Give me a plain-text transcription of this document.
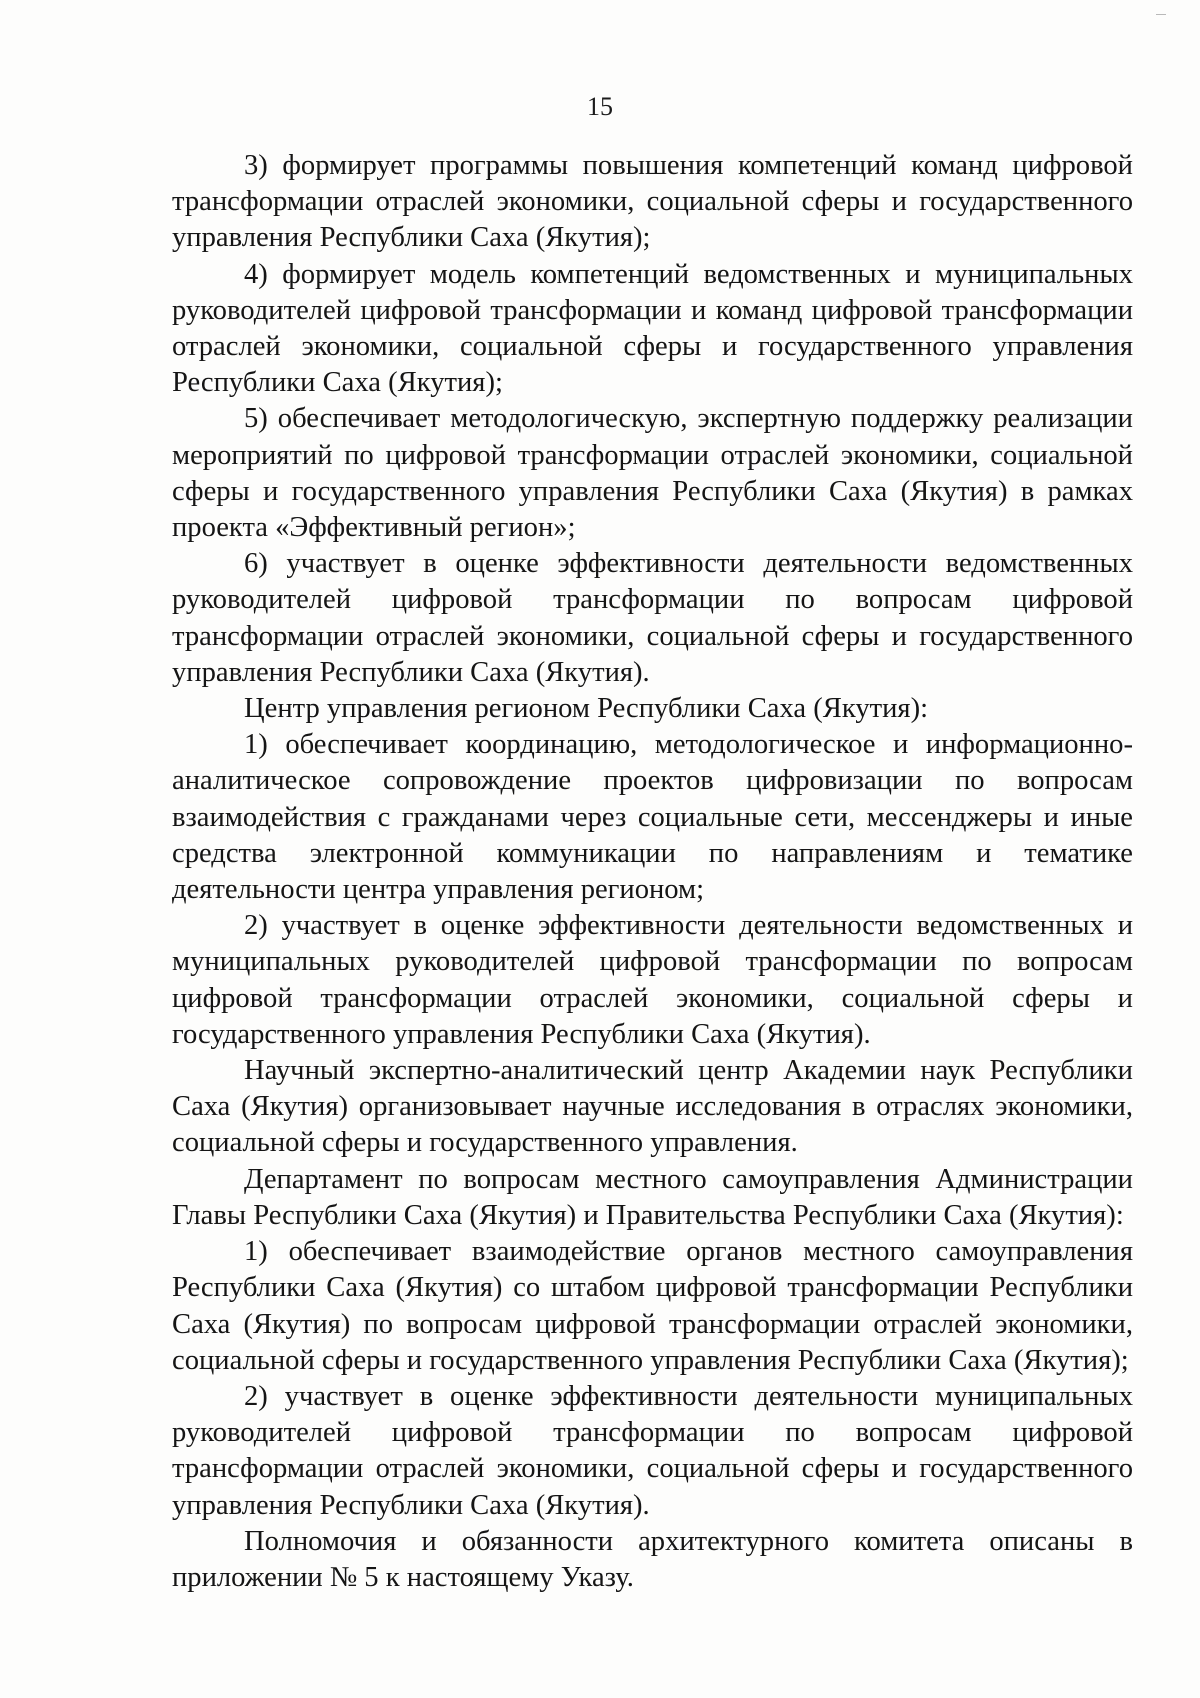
15

3) формирует программы повышения компетенций команд цифровой трансформации отраслей экономики, социальной сферы и государственного управления Республики Саха (Якутия);

4) формирует модель компетенций ведомственных и муниципальных руководителей цифровой трансформации и команд цифровой трансформации отраслей экономики, социальной сферы и государственного управления Республики Саха (Якутия);

5) обеспечивает методологическую, экспертную поддержку реализации мероприятий по цифровой трансформации отраслей экономики, социальной сферы и государственного управления Республики Саха (Якутия) в рамках проекта «Эффективный регион»;

6) участвует в оценке эффективности деятельности ведомственных руководителей цифровой трансформации по вопросам цифровой трансформации отраслей экономики, социальной сферы и государственного управления Республики Саха (Якутия).

Центр управления регионом Республики Саха (Якутия):

1) обеспечивает координацию, методологическое и информационно-аналитическое сопровождение проектов цифровизации по вопросам взаимодействия с гражданами через социальные сети, мессенджеры и иные средства электронной коммуникации по направлениям и тематике деятельности центра управления регионом;

2) участвует в оценке эффективности деятельности ведомственных и муниципальных руководителей цифровой трансформации по вопросам цифровой трансформации отраслей экономики, социальной сферы и государственного управления Республики Саха (Якутия).

Научный экспертно-аналитический центр Академии наук Республики Саха (Якутия) организовывает научные исследования в отраслях экономики, социальной сферы и государственного управления.

Департамент по вопросам местного самоуправления Администрации Главы Республики Саха (Якутия) и Правительства Республики Саха (Якутия):

1) обеспечивает взаимодействие органов местного самоуправления Республики Саха (Якутия) со штабом цифровой трансформации Республики Саха (Якутия) по вопросам цифровой трансформации отраслей экономики, социальной сферы и государственного управления Республики Саха (Якутия);

2) участвует в оценке эффективности деятельности муниципальных руководителей цифровой трансформации по вопросам цифровой трансформации отраслей экономики, социальной сферы и государственного управления Республики Саха (Якутия).

Полномочия и обязанности архитектурного комитета описаны в приложении № 5 к настоящему Указу.
